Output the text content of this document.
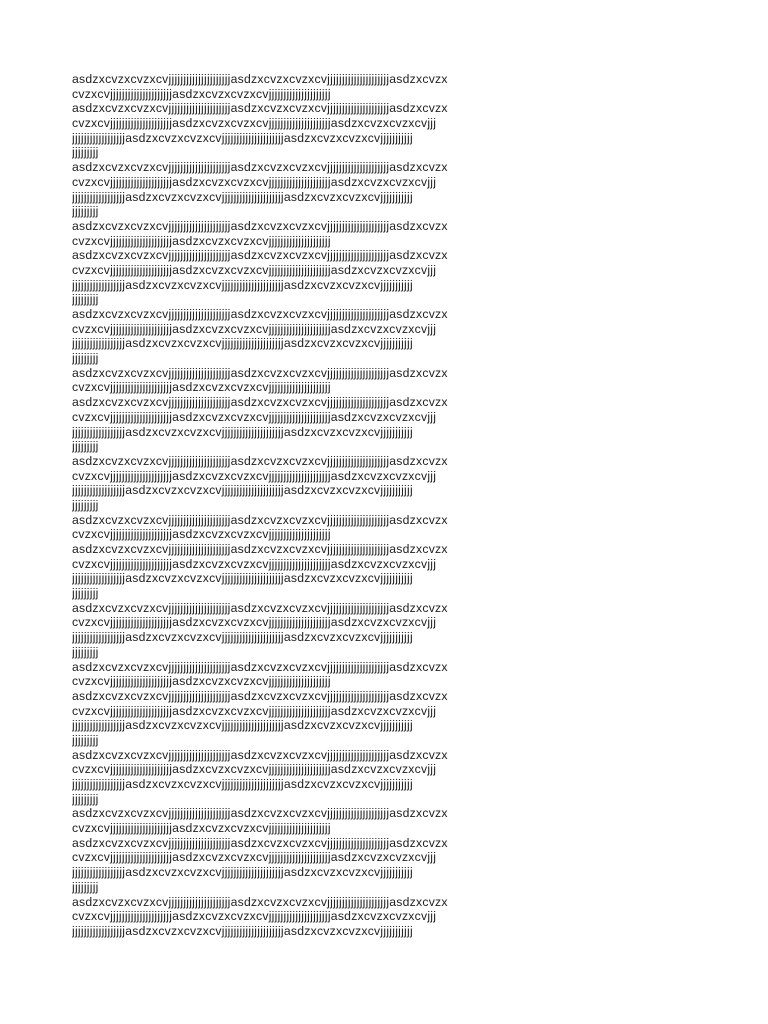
asdzxcvzxcvzxcvjjjjjjjjjjjjjjjjjjjjjasdzxcvzxcvzxcvjjjjjjjjjjjjjjjjjjjjjasdzxcvzx
cvzxcvjjjjjjjjjjjjjjjjjjjjjasdzxcvzxcvzxcvjjjjjjjjjjjjjjjjjjjjj
asdzxcvzxcvzxcvjjjjjjjjjjjjjjjjjjjjjasdzxcvzxcvzxcvjjjjjjjjjjjjjjjjjjjjjasdzxcvzx
cvzxcvjjjjjjjjjjjjjjjjjjjjjasdzxcvzxcvzxcvjjjjjjjjjjjjjjjjjjjjjasdzxcvzxcvzxcvjjj
jjjjjjjjjjjjjjjjjjasdzxcvzxcvzxcvjjjjjjjjjjjjjjjjjjjjjasdzxcvzxcvzxcvjjjjjjjjjjj
jjjjjjjjj
asdzxcvzxcvzxcvjjjjjjjjjjjjjjjjjjjjjasdzxcvzxcvzxcvjjjjjjjjjjjjjjjjjjjjjasdzxcvzx
cvzxcvjjjjjjjjjjjjjjjjjjjjjasdzxcvzxcvzxcvjjjjjjjjjjjjjjjjjjjjjasdzxcvzxcvzxcvjjj
jjjjjjjjjjjjjjjjjjasdzxcvzxcvzxcvjjjjjjjjjjjjjjjjjjjjjasdzxcvzxcvzxcvjjjjjjjjjjj
jjjjjjjjj
asdzxcvzxcvzxcvjjjjjjjjjjjjjjjjjjjjjasdzxcvzxcvzxcvjjjjjjjjjjjjjjjjjjjjjasdzxcvzx
cvzxcvjjjjjjjjjjjjjjjjjjjjjasdzxcvzxcvzxcvjjjjjjjjjjjjjjjjjjjjj
asdzxcvzxcvzxcvjjjjjjjjjjjjjjjjjjjjjasdzxcvzxcvzxcvjjjjjjjjjjjjjjjjjjjjjasdzxcvzx
cvzxcvjjjjjjjjjjjjjjjjjjjjjasdzxcvzxcvzxcvjjjjjjjjjjjjjjjjjjjjjasdzxcvzxcvzxcvjjj
jjjjjjjjjjjjjjjjjjasdzxcvzxcvzxcvjjjjjjjjjjjjjjjjjjjjjasdzxcvzxcvzxcvjjjjjjjjjjj
jjjjjjjjj
asdzxcvzxcvzxcvjjjjjjjjjjjjjjjjjjjjjasdzxcvzxcvzxcvjjjjjjjjjjjjjjjjjjjjjasdzxcvzx
cvzxcvjjjjjjjjjjjjjjjjjjjjjasdzxcvzxcvzxcvjjjjjjjjjjjjjjjjjjjjjasdzxcvzxcvzxcvjjj
jjjjjjjjjjjjjjjjjjasdzxcvzxcvzxcvjjjjjjjjjjjjjjjjjjjjjasdzxcvzxcvzxcvjjjjjjjjjjj
jjjjjjjjj
asdzxcvzxcvzxcvjjjjjjjjjjjjjjjjjjjjjasdzxcvzxcvzxcvjjjjjjjjjjjjjjjjjjjjjasdzxcvzx
cvzxcvjjjjjjjjjjjjjjjjjjjjjasdzxcvzxcvzxcvjjjjjjjjjjjjjjjjjjjjj
asdzxcvzxcvzxcvjjjjjjjjjjjjjjjjjjjjjasdzxcvzxcvzxcvjjjjjjjjjjjjjjjjjjjjjasdzxcvzx
cvzxcvjjjjjjjjjjjjjjjjjjjjjasdzxcvzxcvzxcvjjjjjjjjjjjjjjjjjjjjjasdzxcvzxcvzxcvjjj
jjjjjjjjjjjjjjjjjjasdzxcvzxcvzxcvjjjjjjjjjjjjjjjjjjjjjasdzxcvzxcvzxcvjjjjjjjjjjj
jjjjjjjjj
asdzxcvzxcvzxcvjjjjjjjjjjjjjjjjjjjjjasdzxcvzxcvzxcvjjjjjjjjjjjjjjjjjjjjjasdzxcvzx
cvzxcvjjjjjjjjjjjjjjjjjjjjjasdzxcvzxcvzxcvjjjjjjjjjjjjjjjjjjjjjasdzxcvzxcvzxcvjjj
jjjjjjjjjjjjjjjjjjasdzxcvzxcvzxcvjjjjjjjjjjjjjjjjjjjjjasdzxcvzxcvzxcvjjjjjjjjjjj
jjjjjjjjj
asdzxcvzxcvzxcvjjjjjjjjjjjjjjjjjjjjjasdzxcvzxcvzxcvjjjjjjjjjjjjjjjjjjjjjasdzxcvzx
cvzxcvjjjjjjjjjjjjjjjjjjjjjasdzxcvzxcvzxcvjjjjjjjjjjjjjjjjjjjjj
asdzxcvzxcvzxcvjjjjjjjjjjjjjjjjjjjjjasdzxcvzxcvzxcvjjjjjjjjjjjjjjjjjjjjjasdzxcvzx
cvzxcvjjjjjjjjjjjjjjjjjjjjjasdzxcvzxcvzxcvjjjjjjjjjjjjjjjjjjjjjasdzxcvzxcvzxcvjjj
jjjjjjjjjjjjjjjjjjasdzxcvzxcvzxcvjjjjjjjjjjjjjjjjjjjjjasdzxcvzxcvzxcvjjjjjjjjjjj
jjjjjjjjj
asdzxcvzxcvzxcvjjjjjjjjjjjjjjjjjjjjjasdzxcvzxcvzxcvjjjjjjjjjjjjjjjjjjjjjasdzxcvzx
cvzxcvjjjjjjjjjjjjjjjjjjjjjasdzxcvzxcvzxcvjjjjjjjjjjjjjjjjjjjjjasdzxcvzxcvzxcvjjj
jjjjjjjjjjjjjjjjjjasdzxcvzxcvzxcvjjjjjjjjjjjjjjjjjjjjjasdzxcvzxcvzxcvjjjjjjjjjjj
jjjjjjjjj
asdzxcvzxcvzxcvjjjjjjjjjjjjjjjjjjjjjasdzxcvzxcvzxcvjjjjjjjjjjjjjjjjjjjjjasdzxcvzx
cvzxcvjjjjjjjjjjjjjjjjjjjjjasdzxcvzxcvzxcvjjjjjjjjjjjjjjjjjjjjj
asdzxcvzxcvzxcvjjjjjjjjjjjjjjjjjjjjjasdzxcvzxcvzxcvjjjjjjjjjjjjjjjjjjjjjasdzxcvzx
cvzxcvjjjjjjjjjjjjjjjjjjjjjasdzxcvzxcvzxcvjjjjjjjjjjjjjjjjjjjjjasdzxcvzxcvzxcvjjj
jjjjjjjjjjjjjjjjjjasdzxcvzxcvzxcvjjjjjjjjjjjjjjjjjjjjjasdzxcvzxcvzxcvjjjjjjjjjjj
jjjjjjjjj
asdzxcvzxcvzxcvjjjjjjjjjjjjjjjjjjjjjasdzxcvzxcvzxcvjjjjjjjjjjjjjjjjjjjjjasdzxcvzx
cvzxcvjjjjjjjjjjjjjjjjjjjjjasdzxcvzxcvzxcvjjjjjjjjjjjjjjjjjjjjjasdzxcvzxcvzxcvjjj
jjjjjjjjjjjjjjjjjjasdzxcvzxcvzxcvjjjjjjjjjjjjjjjjjjjjjasdzxcvzxcvzxcvjjjjjjjjjjj
jjjjjjjjj
asdzxcvzxcvzxcvjjjjjjjjjjjjjjjjjjjjjasdzxcvzxcvzxcvjjjjjjjjjjjjjjjjjjjjjasdzxcvzx
cvzxcvjjjjjjjjjjjjjjjjjjjjjasdzxcvzxcvzxcvjjjjjjjjjjjjjjjjjjjjj
asdzxcvzxcvzxcvjjjjjjjjjjjjjjjjjjjjjasdzxcvzxcvzxcvjjjjjjjjjjjjjjjjjjjjjasdzxcvzx
cvzxcvjjjjjjjjjjjjjjjjjjjjjasdzxcvzxcvzxcvjjjjjjjjjjjjjjjjjjjjjasdzxcvzxcvzxcvjjj
jjjjjjjjjjjjjjjjjjasdzxcvzxcvzxcvjjjjjjjjjjjjjjjjjjjjjasdzxcvzxcvzxcvjjjjjjjjjjj
jjjjjjjjj
asdzxcvzxcvzxcvjjjjjjjjjjjjjjjjjjjjjasdzxcvzxcvzxcvjjjjjjjjjjjjjjjjjjjjjasdzxcvzx
cvzxcvjjjjjjjjjjjjjjjjjjjjjasdzxcvzxcvzxcvjjjjjjjjjjjjjjjjjjjjjasdzxcvzxcvzxcvjjj
jjjjjjjjjjjjjjjjjjasdzxcvzxcvzxcvjjjjjjjjjjjjjjjjjjjjjasdzxcvzxcvzxcvjjjjjjjjjjj
